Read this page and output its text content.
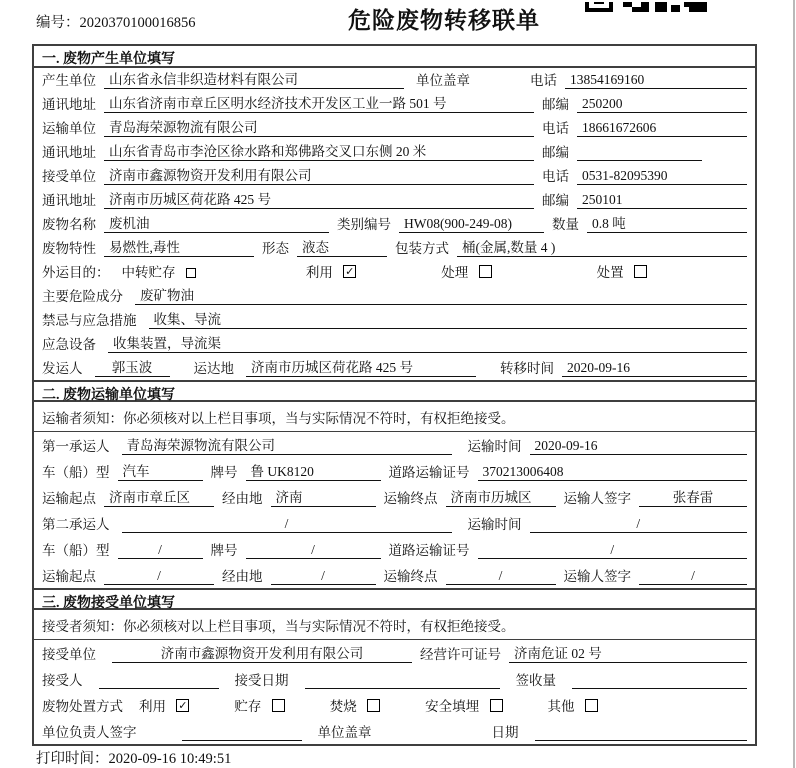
编号：2020370100016856	危险废物转移联单
一. 废物产生单位填写
产生单位 山东省永信非织造材料有限公司	单位盖章	电话 13854169160
通讯地址 山东省济南市章丘区明水经济技术开发区工业一路 501 号	邮编 250200
运输单位 青岛海荣源物流有限公司	电话 18661672606
通讯地址 山东省青岛市李沧区徐水路和郑佛路交叉口东侧 20 米	邮编
接受单位 济南市鑫源物资开发利用有限公司	电话 0531-82095390
通讯地址 济南市历城区荷花路 425 号	邮编 250101
废物名称 废机油	类别编号 HW08(900-249-08)	数量 0.8 吨
废物特性 易燃性,毒性	形态 液态	包装方式 桶(金属,数量 4 )
外运目的： 中转贮存	利用 ✓	处理	处置
主要危险成分	废矿物油
禁忌与应急措施	收集、导流
应急设备	收集装置，导流渠
发运人	郭玉波	运达地	济南市历城区荷花路 425 号	转移时间 2020-09-16
二. 废物运输单位填写
运输者须知：你必须核对以上栏目事项，当与实际情况不符时，有权拒绝接受。
第一承运人	青岛海荣源物流有限公司	运输时间 2020-09-16
车（船）型 汽车	牌号 鲁 UK8120	道路运输证号 370213006408
运输起点 济南市章丘区	经由地 济南	运输终点 济南市历城区	运输人签字	张春雷
第二承运人	/	运输时间	/
车（船）型	/	牌号	/	道路运输证号	/
运输起点	/	经由地	/	运输终点	/	运输人签字	/
三. 废物接受单位填写
接受者须知：你必须核对以上栏目事项，当与实际情况不符时，有权拒绝接受。
接受单位	济南市鑫源物资开发利用有限公司	经营许可证号 济南危证 02 号
接受人	接受日期	签收量
废物处置方式 利用 ✓	贮存	焚烧	安全填埋	其他
单位负责人签字	单位盖章	日期
打印时间：2020-09-16 10:49:51
